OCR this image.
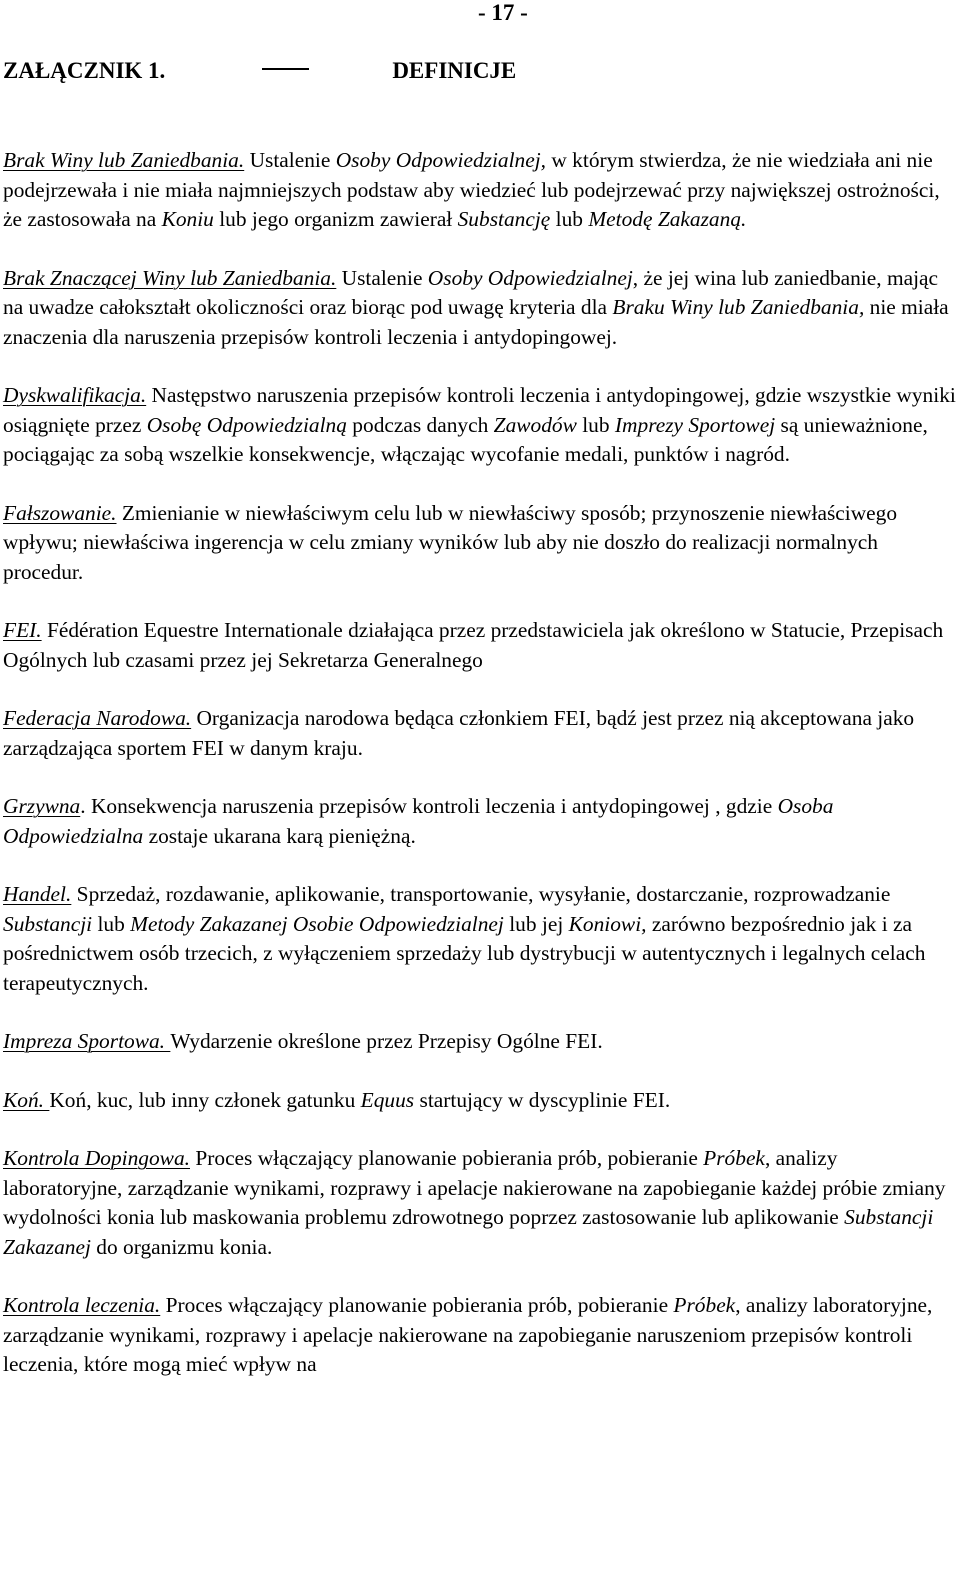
- 17 -
ZAŁĄCZNIK 1.	DEFINICJE

Brak Winy lub Zaniedbania. Ustalenie Osoby Odpowiedzialnej, w którym stwierdza, że nie wiedziała ani nie podejrzewała i nie miała najmniejszych podstaw aby wiedzieć lub podejrzewać przy największej ostrożności, że zastosowała na Koniu lub jego organizm zawierał Substancję lub Metodę Zakazaną.

Brak Znaczącej Winy lub Zaniedbania. Ustalenie Osoby Odpowiedzialnej, że jej wina lub zaniedbanie, mając na uwadze całokształt okoliczności oraz biorąc pod uwagę kryteria dla Braku Winy lub Zaniedbania, nie miała znaczenia dla naruszenia przepisów kontroli leczenia i antydopingowej.

Dyskwalifikacja. Następstwo naruszenia przepisów kontroli leczenia i antydopingowej, gdzie wszystkie wyniki osiągnięte przez Osobę Odpowiedzialną podczas danych Zawodów lub Imprezy Sportowej są unieważnione, pociągając za sobą wszelkie konsekwencje, włączając wycofanie medali, punktów i nagród.

Fałszowanie. Zmienianie w niewłaściwym celu lub w niewłaściwy sposób; przynoszenie niewłaściwego wpływu; niewłaściwa ingerencja w celu zmiany wyników lub aby nie doszło do realizacji normalnych procedur.

FEI. Fédération Equestre Internationale działająca przez przedstawiciela jak określono w Statucie, Przepisach Ogólnych lub czasami przez jej Sekretarza Generalnego

Federacja Narodowa. Organizacja narodowa będąca członkiem FEI, bądź jest przez nią akceptowana jako zarządzająca sportem FEI w danym kraju.

Grzywna. Konsekwencja naruszenia przepisów kontroli leczenia i antydopingowej , gdzie Osoba Odpowiedzialna zostaje ukarana karą pieniężną.

Handel. Sprzedaż, rozdawanie, aplikowanie, transportowanie, wysyłanie, dostarczanie, rozprowadzanie Substancji lub Metody Zakazanej Osobie Odpowiedzialnej lub jej Koniowi, zarówno bezpośrednio jak i za pośrednictwem osób trzecich, z wyłączeniem sprzedaży lub dystrybucji w autentycznych i legalnych celach terapeutycznych.

Impreza Sportowa. Wydarzenie określone przez Przepisy Ogólne FEI.

Koń. Koń, kuc, lub inny członek gatunku Equus startujący w dyscyplinie FEI.

Kontrola Dopingowa. Proces włączający planowanie pobierania prób, pobieranie Próbek, analizy laboratoryjne, zarządzanie wynikami, rozprawy i apelacje nakierowane na zapobieganie każdej próbie zmiany wydolności konia lub maskowania problemu zdrowotnego poprzez zastosowanie lub aplikowanie Substancji Zakazanej do organizmu konia.

Kontrola leczenia. Proces włączający planowanie pobierania prób, pobieranie Próbek, analizy laboratoryjne, zarządzanie wynikami, rozprawy i apelacje nakierowane na zapobieganie naruszeniom przepisów kontroli leczenia, które mogą mieć wpływ na
